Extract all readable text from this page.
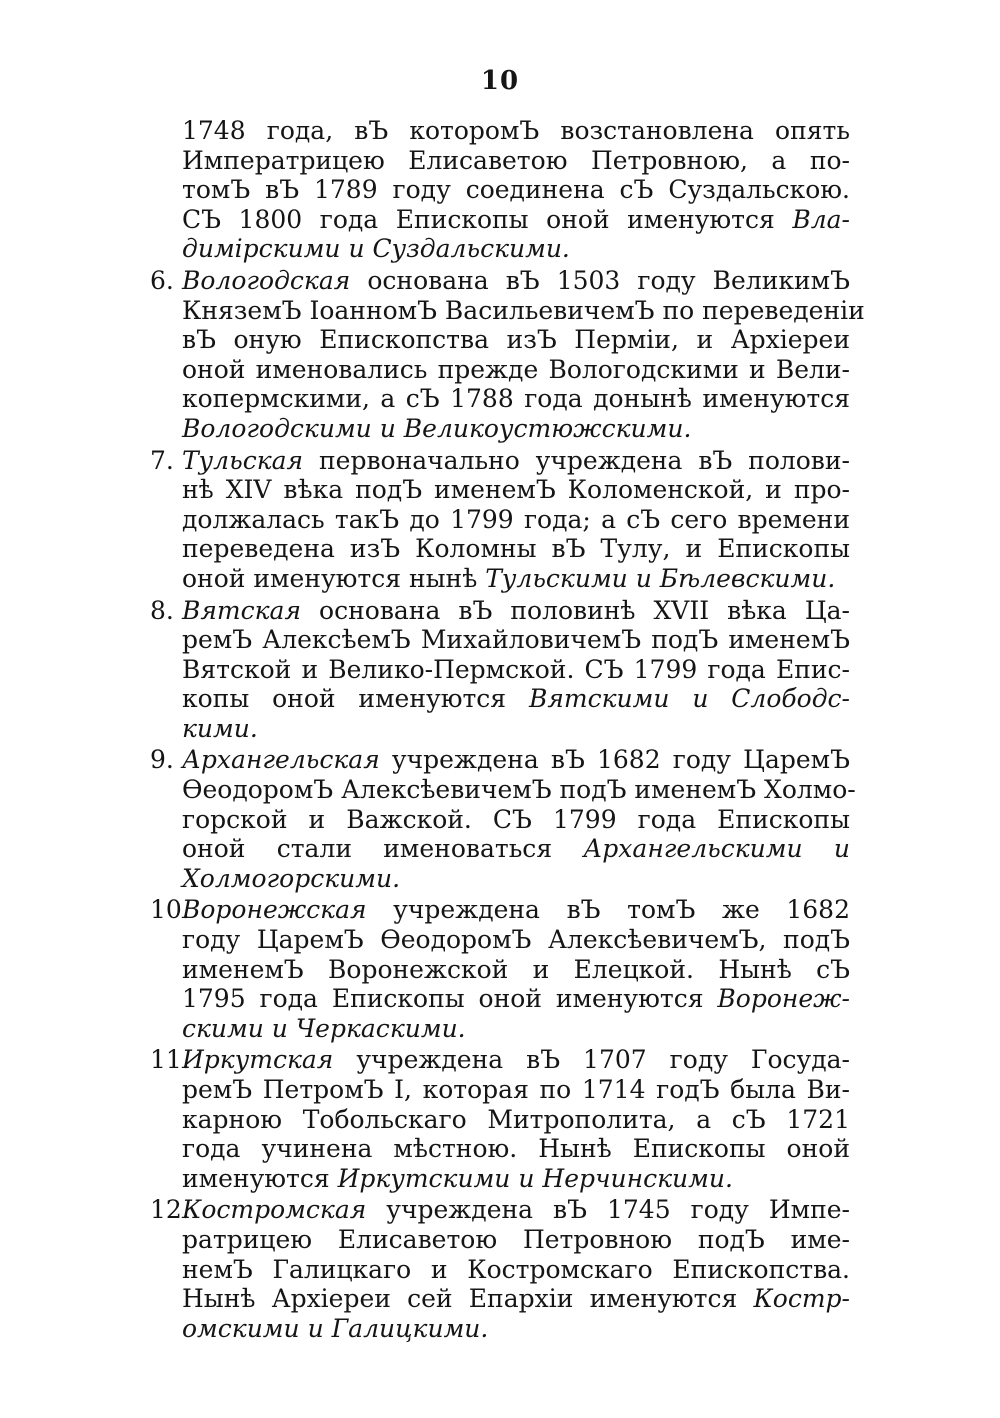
10
1748 года, вЪ которомЪ возстановлена опять
Императрицею Елисаветою Петровною, а по-
томЪ вЪ 1789 году соединена сЪ Суздальскою.
СЪ 1800 года Епископы оной именуются Вла-
димірскими и Суздальскими.
6. Вологодская основана вЪ 1503 году ВеликимЪ
КняземЪ ІоанномЪ ВасильевичемЪ по переведеніи
вЪ оную Епископства изЪ Перміи, и Архіереи
оной именовались прежде Вологодскими и Вели-
копермскими, а сЪ 1788 года донынѣ именуются
Вологодскими и Великоустюжскими.
7. Тульская первоначально учреждена вЪ полови-
нѣ XIV вѣка подЪ именемЪ Коломенской, и про-
должалась такЪ до 1799 года; а сЪ сего времени
переведена изЪ Коломны вЪ Тулу, и Епископы
оной именуются нынѣ Тульскими и Бѣлевскими.
8. Вятская основана вЪ половинѣ XVII вѣка Ца-
ремЪ АлексѣемЪ МихайловичемЪ подЪ именемЪ
Вятской и Велико-Пермской. СЪ 1799 года Епис-
копы оной именуются Вятскими и Слободс-
кими.
9. Архангельская учреждена вЪ 1682 году ЦаремЪ
ѲеодоромЪ АлексѣевичемЪ подЪ именемЪ Холмо-
горской и Важской. СЪ 1799 года Епископы
оной стали именоваться Архангельскими и
Холмогорскими.
10.Воронежская учреждена вЪ томЪ же 1682
году ЦаремЪ ѲеодоромЪ АлексѣевичемЪ, подЪ
именемЪ Воронежской и Елецкой. Нынѣ сЪ
1795 года Епископы оной именуются Воронеж-
скими и Черкаскими.
11.Иркутская учреждена вЪ 1707 году Госуда-
ремЪ ПетромЪ I, которая по 1714 годЪ была Ви-
карною Тобольскаго Митрополита, а сЪ 1721
года учинена мѣстною. Нынѣ Епископы оной
именуются Иркутскими и Нерчинскими.
12.Костромская учреждена вЪ 1745 году Импе-
ратрицею Елисаветою Петровною подЪ име-
немЪ Галицкаго и Костромскаго Епископства.
Нынѣ Архіереи сей Епархіи именуются Костр-
омскими и Галицкими.
